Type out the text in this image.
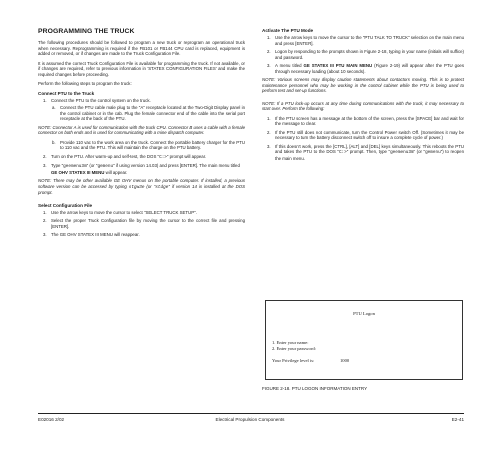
PROGRAMMING THE TRUCK

The following procedures should be followed to program a new truck or reprogram an operational truck when necessary. Reprogramming is required if the FB101 or FB144 CPU card is replaced, equipment is added or removed, or if changes are made to the Truck Configuration File.

It is assumed the correct Truck Configuration File is available for programming the truck. If not available, or if changes are required, refer to previous information in 'STATEX CONFIGURATION FILES' and make the required changes before proceeding.

Perform the following steps to program the truck:

Connect PTU to the Truck
1. Connect the PTU to the control system on the truck.
a. Connect the PTU cable male plug to the "A" receptacle located at the Two-Digit Display panel in the control cabinet or in the cab. Plug the female connector end of the cable into the serial port receptacle at the back of the PTU.

NOTE: Connector A is used for communication with the truck CPU. Connector B uses a cable with a female connector on both ends and is used for communicating with a mine dispatch computer.

b. Provide 110 vac to the work area on the truck. Connect the portable battery charger for the PTU to 110 vac and the PTU. This will maintain the charge on the PTU battery.
2. Turn on the PTU. After warm-up and self-test, the DOS "C:>" prompt will appear.
3. Type "geemenu3m" (or "gemenu" if using version 14.03) and press [ENTER]. The main menu titled
GE OHV STATEX III MENU will appear.

NOTE: There may be other available GE OHV menus on the portable computer. If installed, a previous software version can be accessed by typing stgw3e (or "stdge" if version 14 is installed at the DOS prompt.

Select Configuration File
1. Use the arrow keys to move the cursor to select "SELECT TRUCK SETUP".
2. Select the proper Truck Configuration file by moving the cursor to the correct file and pressing [ENTER].
3. The GE OHV STATEX III MENU will reappear.
Activate The PTU Mode
1. Use the arrow keys to move the cursor to the "PTU TALK TO TRUCK" selection on the main menu and press [ENTER].
2. Logon by responding to the prompts shown in Figure 2-18, typing in your name (initials will suffice) and password.
3. A menu titled GE STATEX III PTU MAIN MENU (Figure 2-19) will appear after the PTU goes through necessary loading (about 10 seconds).

NOTE: Various screens may display caution statements about contactors moving. This is to protect maintenance personnel who may be working in the control cabinet while the PTU is being used to perform test and set-up functions.

NOTE: If a PTU lock-up occurs at any time during communications with the truck, it may necessary to start over. Perform the following:

1. If the PTU screen has a message at the bottom of the screen, press the [SPACE] bar and wait for the message to clear.
2. If the PTU still does not communicate, turn the Control Power switch Off. (Sometimes it may be necessary to turn the battery disconnect switch off to insure a complete cycle of power.)
3. If this doesn't work, press the [CTRL], [ALT] and [DEL] keys simultaneously. This reboots the PTU and takes the PTU to the DOS "C:>" prompt. Then, type "geemenu3m" (or "gemenu") to reopen the main menu.
PTU Logon
1. Enter your name:
2. Enter your password:
Your Privilege level is:	1000
FIGURE 2-18. PTU LOGON INFORMATION ENTRY
E02016 2/02	Electrical Propulsion Components	E2-41
